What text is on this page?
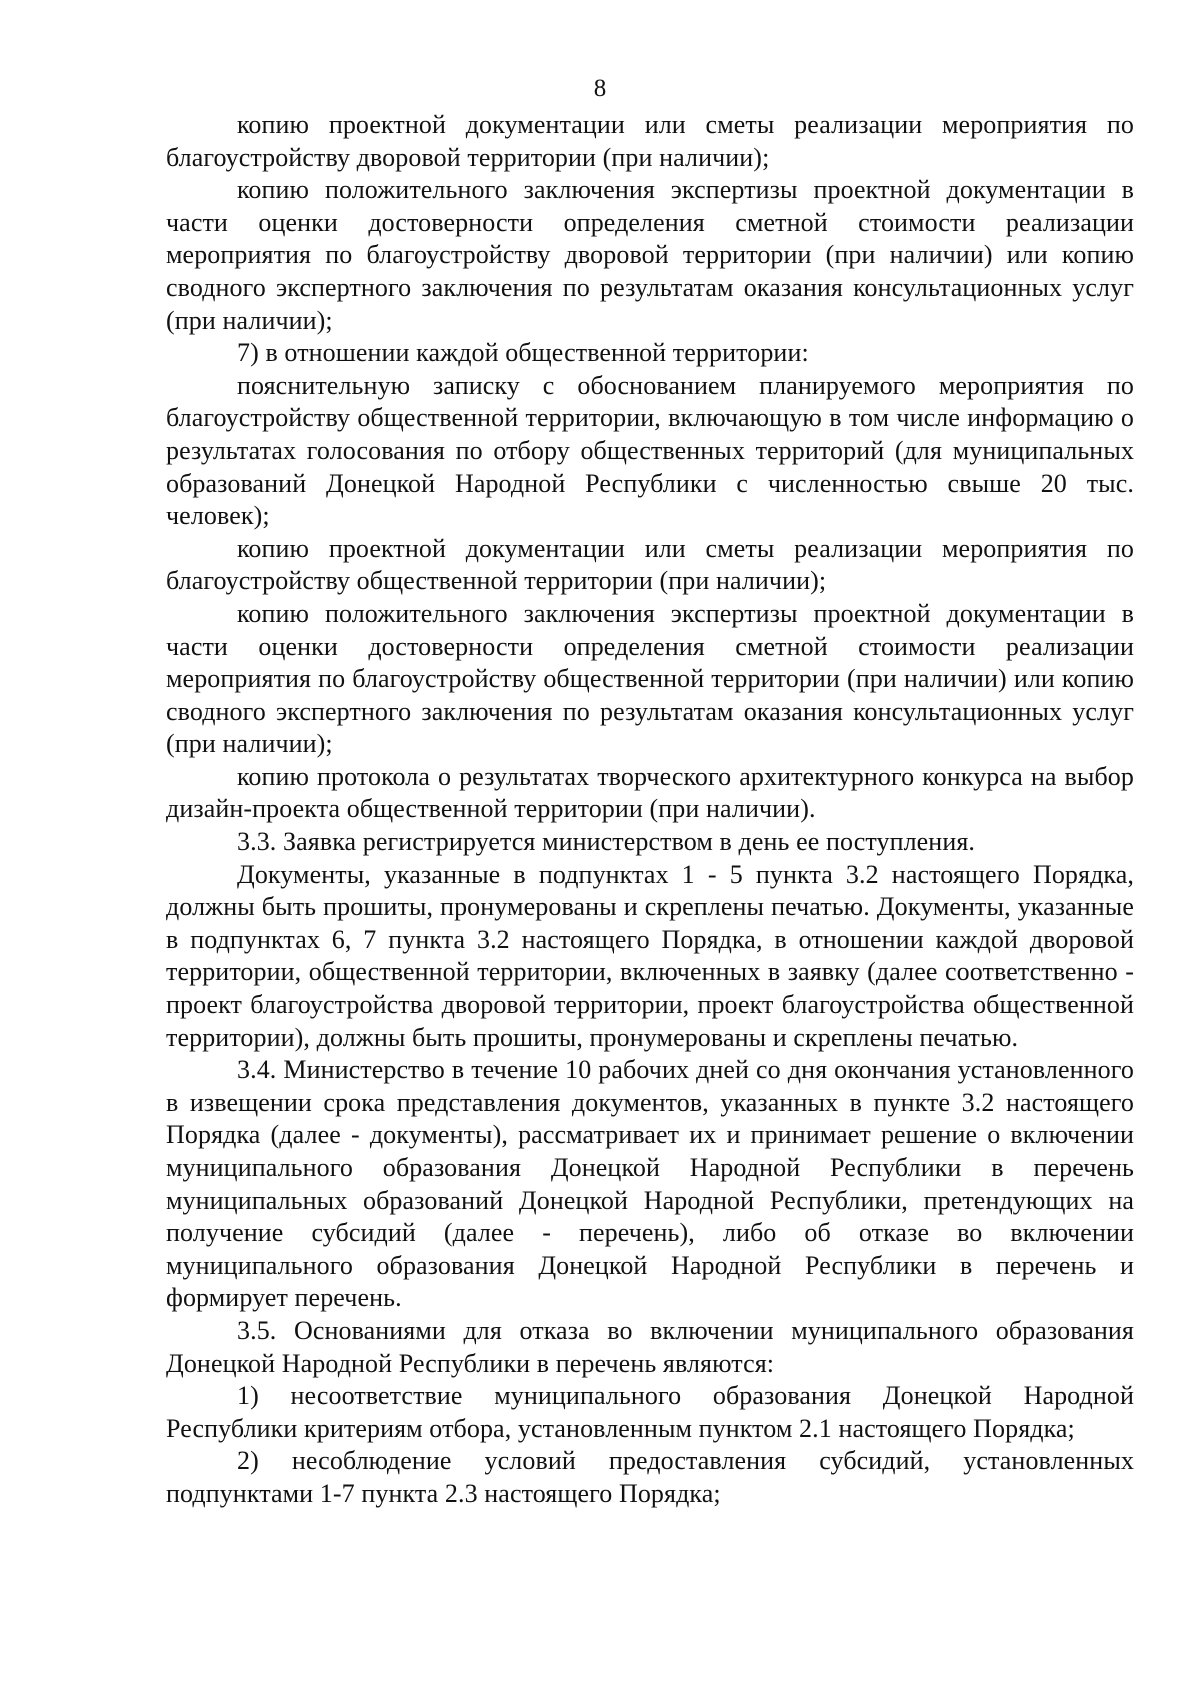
8

копию проектной документации или сметы реализации мероприятия по благоустройству дворовой территории (при наличии);

копию положительного заключения экспертизы проектной документации в части оценки достоверности определения сметной стоимости реализации мероприятия по благоустройству дворовой территории (при наличии) или копию сводного экспертного заключения по результатам оказания консультационных услуг (при наличии);

7) в отношении каждой общественной территории:

пояснительную записку с обоснованием планируемого мероприятия по благоустройству общественной территории, включающую в том числе информацию о результатах голосования по отбору общественных территорий (для муниципальных образований Донецкой Народной Республики с численностью свыше 20 тыс. человек);

копию проектной документации или сметы реализации мероприятия по благоустройству общественной территории (при наличии);

копию положительного заключения экспертизы проектной документации в части оценки достоверности определения сметной стоимости реализации мероприятия по благоустройству общественной территории (при наличии) или копию сводного экспертного заключения по результатам оказания консультационных услуг (при наличии);

копию протокола о результатах творческого архитектурного конкурса на выбор дизайн-проекта общественной территории (при наличии).

3.3. Заявка регистрируется министерством в день ее поступления.

Документы, указанные в подпунктах 1 - 5 пункта 3.2 настоящего Порядка, должны быть прошиты, пронумерованы и скреплены печатью. Документы, указанные в подпунктах 6, 7 пункта 3.2 настоящего Порядка, в отношении каждой дворовой территории, общественной территории, включенных в заявку (далее соответственно - проект благоустройства дворовой территории, проект благоустройства общественной территории), должны быть прошиты, пронумерованы и скреплены печатью.

3.4. Министерство в течение 10 рабочих дней со дня окончания установленного в извещении срока представления документов, указанных в пункте 3.2 настоящего Порядка (далее - документы), рассматривает их и принимает решение о включении муниципального образования Донецкой Народной Республики в перечень муниципальных образований Донецкой Народной Республики, претендующих на получение субсидий (далее - перечень), либо об отказе во включении муниципального образования Донецкой Народной Республики в перечень и формирует перечень.

3.5. Основаниями для отказа во включении муниципального образования Донецкой Народной Республики в перечень являются:

1) несоответствие муниципального образования Донецкой Народной Республики критериям отбора, установленным пунктом 2.1 настоящего Порядка;

2) несоблюдение условий предоставления субсидий, установленных подпунктами 1-7 пункта 2.3 настоящего Порядка;
